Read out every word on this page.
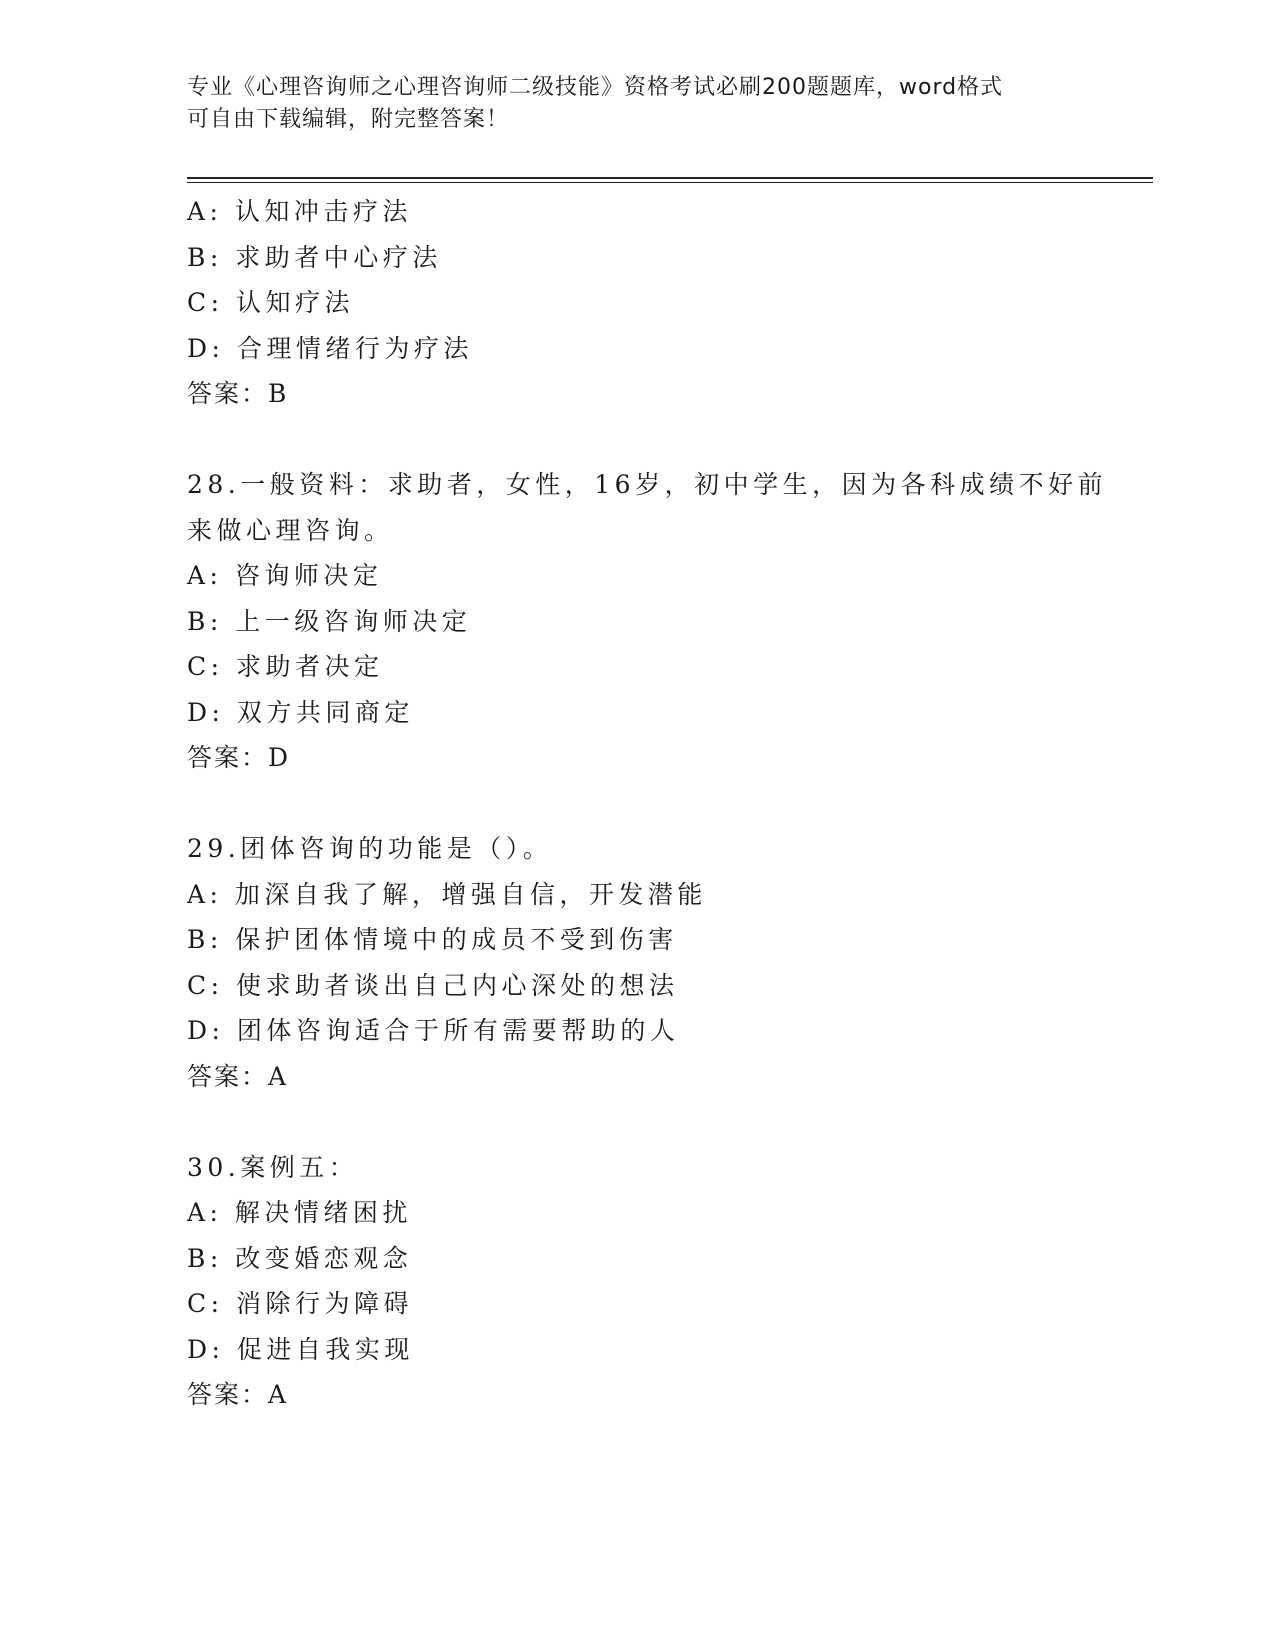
专业《心理咨询师之心理咨询师二级技能》资格考试必刷200题题库，word格式
可自由下载编辑，附完整答案！
A: 认知冲击疗法
B: 求助者中心疗法
C: 认知疗法
D: 合理情绪行为疗法
答案：B
28.一般资料：求助者，女性，16岁，初中学生，因为各科成绩不好前
来做心理咨询。
A: 咨询师决定
B: 上一级咨询师决定
C: 求助者决定
D: 双方共同商定
答案：D
29.团体咨询的功能是（）。
A: 加深自我了解，增强自信，开发潜能
B: 保护团体情境中的成员不受到伤害
C: 使求助者谈出自己内心深处的想法
D: 团体咨询适合于所有需要帮助的人
答案：A
30.案例五：
A: 解决情绪困扰
B: 改变婚恋观念
C: 消除行为障碍
D: 促进自我实现
答案：A
